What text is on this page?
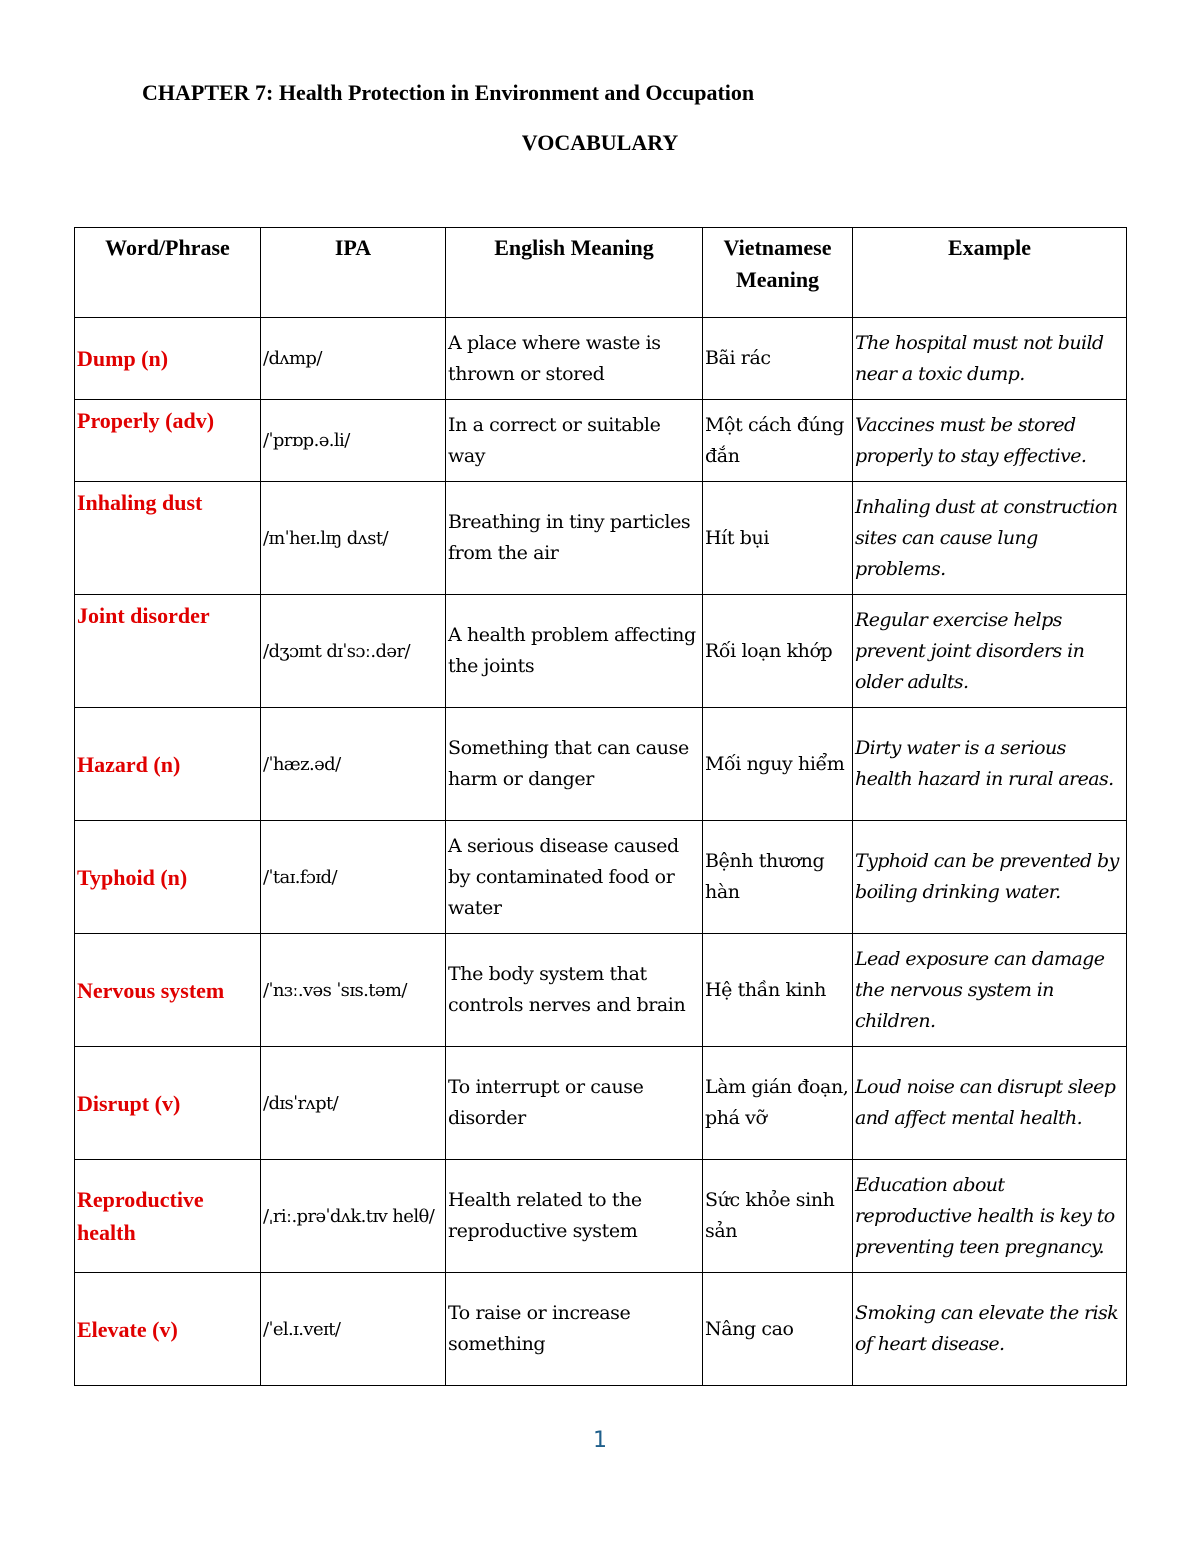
CHAPTER 7: Health Protection in Environment and Occupation
VOCABULARY
Word/Phrase	IPA	English Meaning	Vietnamese Meaning	Example
Dump (n)	/dʌmp/	A place where waste is thrown or stored	Bãi rác	The hospital must not build near a toxic dump.
Properly (adv)	/ˈprɒp.ə.li/	In a correct or suitable way	Một cách đúng đắn	Vaccines must be stored properly to stay effective.
Inhaling dust	/ɪnˈheɪ.lɪŋ dʌst/	Breathing in tiny particles from the air	Hít bụi	Inhaling dust at construction sites can cause lung problems.
Joint disorder	/dʒɔɪnt dɪˈsɔː.dər/	A health problem affecting the joints	Rối loạn khớp	Regular exercise helps prevent joint disorders in older adults.
Hazard (n)	/ˈhæz.əd/	Something that can cause harm or danger	Mối nguy hiểm	Dirty water is a serious health hazard in rural areas.
Typhoid (n)	/ˈtaɪ.fɔɪd/	A serious disease caused by contaminated food or water	Bệnh thương hàn	Typhoid can be prevented by boiling drinking water.
Nervous system	/ˈnɜː.vəs ˈsɪs.təm/	The body system that controls nerves and brain	Hệ thần kinh	Lead exposure can damage the nervous system in children.
Disrupt (v)	/dɪsˈrʌpt/	To interrupt or cause disorder	Làm gián đoạn, phá vỡ	Loud noise can disrupt sleep and affect mental health.
Reproductive health	/ˌriː.prəˈdʌk.tɪv helθ/	Health related to the reproductive system	Sức khỏe sinh sản	Education about reproductive health is key to preventing teen pregnancy.
Elevate (v)	/ˈel.ɪ.veɪt/	To raise or increase something	Nâng cao	Smoking can elevate the risk of heart disease.
1
